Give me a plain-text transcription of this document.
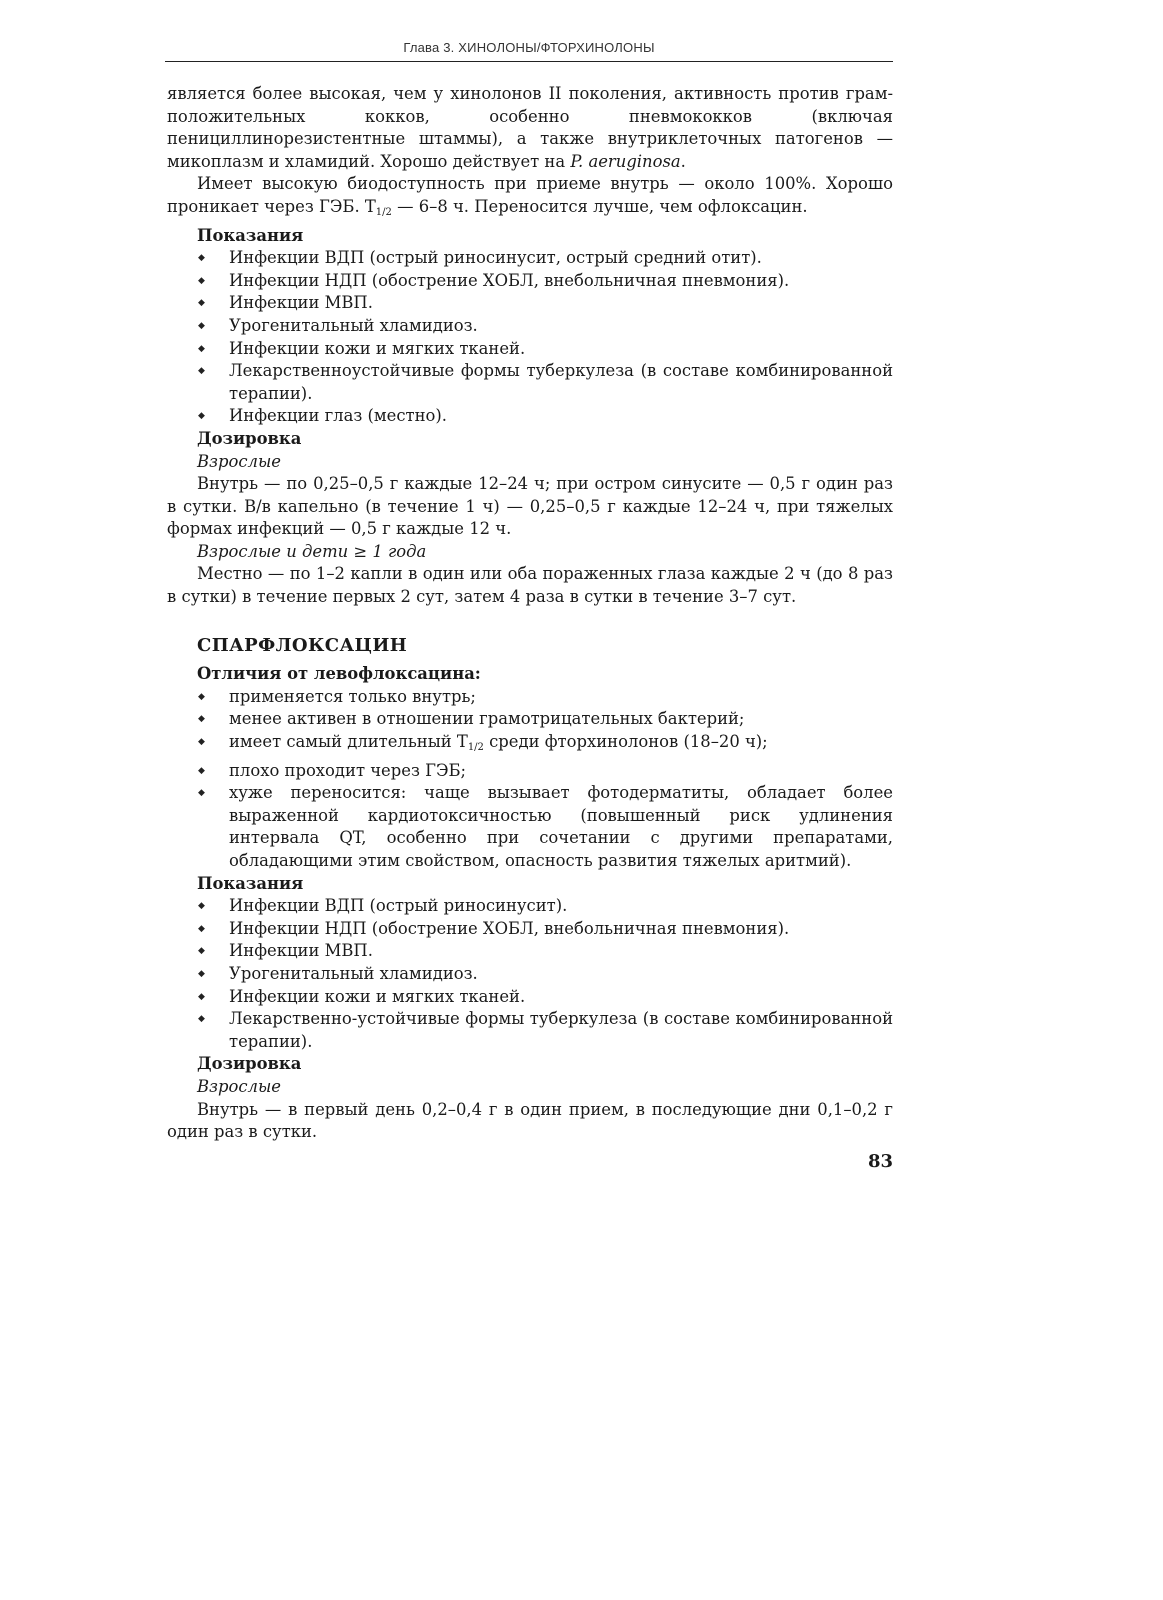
Глава 3. ХИНОЛОНЫ/ФТОРХИНОЛОНЫ

является более высокая, чем у хинолонов II поколения, активность против грам-положительных кокков, особенно пневмококков (включая пенициллинорезистентные штаммы), а также внутриклеточных патогенов — микоплазм и хламидий. Хорошо действует на P. aeruginosa.

Имеет высокую биодоступность при приеме внутрь — около 100%. Хорошо проникает через ГЭБ. $Т_{1/2}$ — 6–8 ч. Переносится лучше, чем офлоксацин.

Показания
◆ Инфекции ВДП (острый риносинусит, острый средний отит).
◆ Инфекции НДП (обострение ХОБЛ, внебольничная пневмония).
◆ Инфекции МВП.
◆ Урогенитальный хламидиоз.
◆ Инфекции кожи и мягких тканей.
◆ Лекарственноустойчивые формы туберкулеза (в составе комбинированной терапии).
◆ Инфекции глаз (местно).
Дозировка
Взрослые

Внутрь — по 0,25–0,5 г каждые 12–24 ч; при остром синусите — 0,5 г один раз в сутки. В/в капельно (в течение 1 ч) — 0,25–0,5 г каждые 12–24 ч, при тяжелых формах инфекций — 0,5 г каждые 12 ч.

Взрослые и дети ≥ 1 года

Местно — по 1–2 капли в один или оба пораженных глаза каждые 2 ч (до 8 раз в сутки) в течение первых 2 сут, затем 4 раза в сутки в течение 3–7 сут.

СПАРФЛОКСАЦИН
Отличия от левофлоксацина:
◆ применяется только внутрь;
◆ менее активен в отношении грамотрицательных бактерий;
◆ имеет самый длительный $Т_{1/2}$ среди фторхинолонов (18–20 ч);
◆ плохо проходит через ГЭБ;
◆ хуже переносится: чаще вызывает фотодерматиты, обладает более выраженной кардиотоксичностью (повышенный риск удлинения интервала QT, особенно при сочетании с другими препаратами, обладающими этим свойством, опасность развития тяжелых аритмий).
Показания
◆ Инфекции ВДП (острый риносинусит).
◆ Инфекции НДП (обострение ХОБЛ, внебольничная пневмония).
◆ Инфекции МВП.
◆ Урогенитальный хламидиоз.
◆ Инфекции кожи и мягких тканей.
◆ Лекарственно-устойчивые формы туберкулеза (в составе комбинированной терапии).
Дозировка
Взрослые

Внутрь — в первый день 0,2–0,4 г в один прием, в последующие дни 0,1–0,2 г один раз в сутки.

83
